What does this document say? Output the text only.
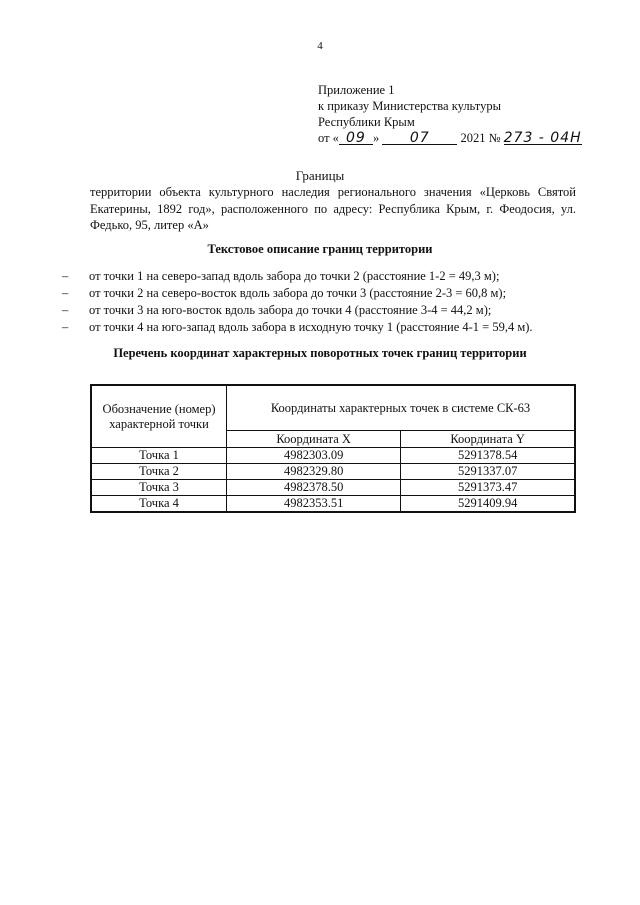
4
Приложение 1
к приказу Министерства культуры
Республики Крым
от « 09 » 07 2021 № 273 - 04Н
Границы
территории объекта культурного наследия регионального значения «Церковь Святой Екатерины, 1892 год», расположенного по адресу: Республика Крым, г. Феодосия, ул. Федько, 95, литер «А»
Текстовое описание границ территории
– от точки 1 на северо-запад вдоль забора до точки 2 (расстояние 1-2 = 49,3 м);
– от точки 2 на северо-восток вдоль забора до точки 3 (расстояние 2-3 = 60,8 м);
– от точки 3 на юго-восток вдоль забора до точки 4 (расстояние 3-4 = 44,2 м);
– от точки 4 на юго-запад вдоль забора в исходную точку 1 (расстояние 4-1 = 59,4 м).
Перечень координат характерных поворотных точек границ территории
Обозначение (номер) характерной точки	Координаты характерных точек в системе СК-63	
	Координата X	Координата Y
Точка 1	4982303.09	5291378.54
Точка 2	4982329.80	5291337.07
Точка 3	4982378.50	5291373.47
Точка 4	4982353.51	5291409.94
